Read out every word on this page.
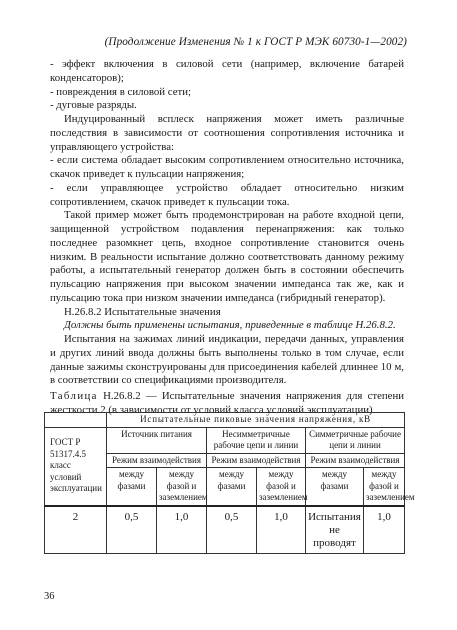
(Продолжение Изменения № 1 к ГОСТ Р МЭК 60730-1—2002)

- эффект включения в силовой сети (например, включение батарей конденсаторов);

- повреждения в силовой сети;

- дуговые разряды.

Индуцированный всплеск напряжения может иметь различные последствия в зависимости от соотношения сопротивления источника и управляющего устройства:

- если система обладает высоким сопротивлением относительно источника, скачок приведет к пульсации напряжения;

- если управляющее устройство обладает относительно низким сопротивлением, скачок приведет к пульсации тока.

Такой пример может быть продемонстрирован на работе входной цепи, защищенной устройством подавления перенапряжения: как только последнее разомкнет цепь, входное сопротивление становится очень низким. В реальности испытание должно соответствовать данному режиму работы, а испытательный генератор должен быть в состоянии обеспечить пульсацию напряжения при высоком значении импеданса так же, как и пульсацию тока при низком значении импеданса (гибридный генератор).

Н.26.8.2 Испытательные значения

Должны быть применены испытания, приведенные в таблице Н.26.8.2.

Испытания на зажимах линий индикации, передачи данных, управления и других линий ввода должны быть выполнены только в том случае, если данные зажимы сконструированы для присоединения кабелей длиннее 10 м, в соответствии со спецификациями производителя.

Таблица Н.26.8.2 — Испытательные значения напряжения для степени жесткости 2 (в зависимости от условий класса условий эксплуатации)

	Испытательные пиковые значения напряжения, кВ					
ГОСТ Р 51317.4.5 класс условий эксплуатации	Источник питания		Несимметричные рабочие цепи и линии		Симметричные рабочие цепи и линии	
	Режим взаимодействия		Режим взаимодействия		Режим взаимодействия	
	между фазами	между фазой и заземлением	между фазами	между фазой и заземлением	между фазами	между фазой и заземлением
2	0,5	1,0	0,5	1,0	Испытания не проводят	1,0
36
